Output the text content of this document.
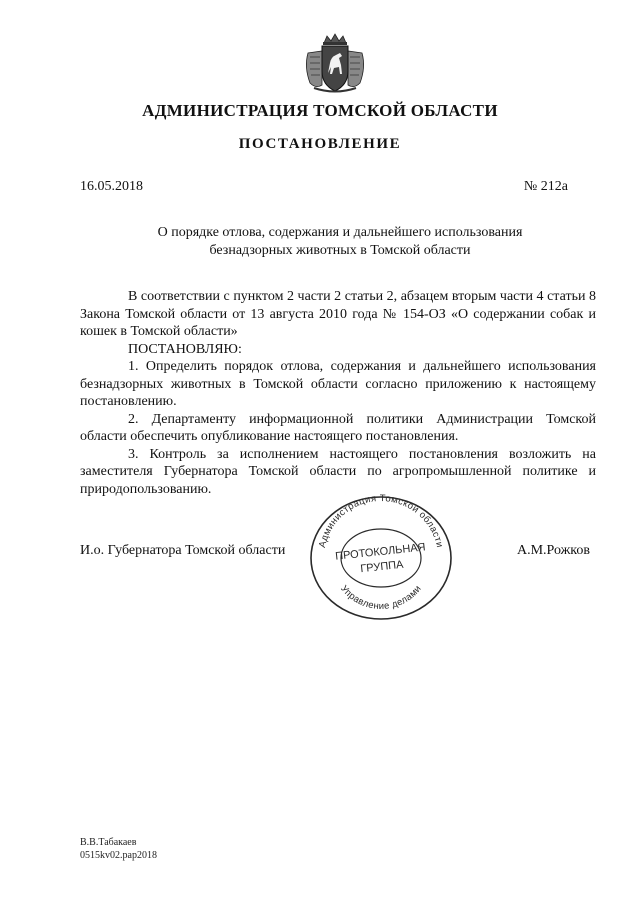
АДМИНИСТРАЦИЯ ТОМСКОЙ ОБЛАСТИ
ПОСТАНОВЛЕНИЕ
16.05.2018	№ 212а
О порядке отлова, содержания и дальнейшего использования
безнадзорных животных в Томской области

В соответствии с пунктом 2 части 2 статьи 2, абзацем вторым части 4 статьи 8 Закона Томской области от 13 августа 2010 года № 154-ОЗ «О содержании собак и кошек в Томской области»

ПОСТАНОВЛЯЮ:

1. Определить порядок отлова, содержания и дальнейшего использования безнадзорных животных в Томской области согласно приложению к настоящему постановлению.

2. Департаменту информационной политики Администрации Томской области обеспечить опубликование настоящего постановления.

3. Контроль за исполнением настоящего постановления возложить на заместителя Губернатора Томской области по агропромышленной политике и природопользованию.

И.о. Губернатора Томской области	А.М.Рожков
Администрация Томской области
Управление делами
ПРОТОКОЛЬНАЯ
ГРУППА
В.В.Табакаев
0515kv02.pap2018
